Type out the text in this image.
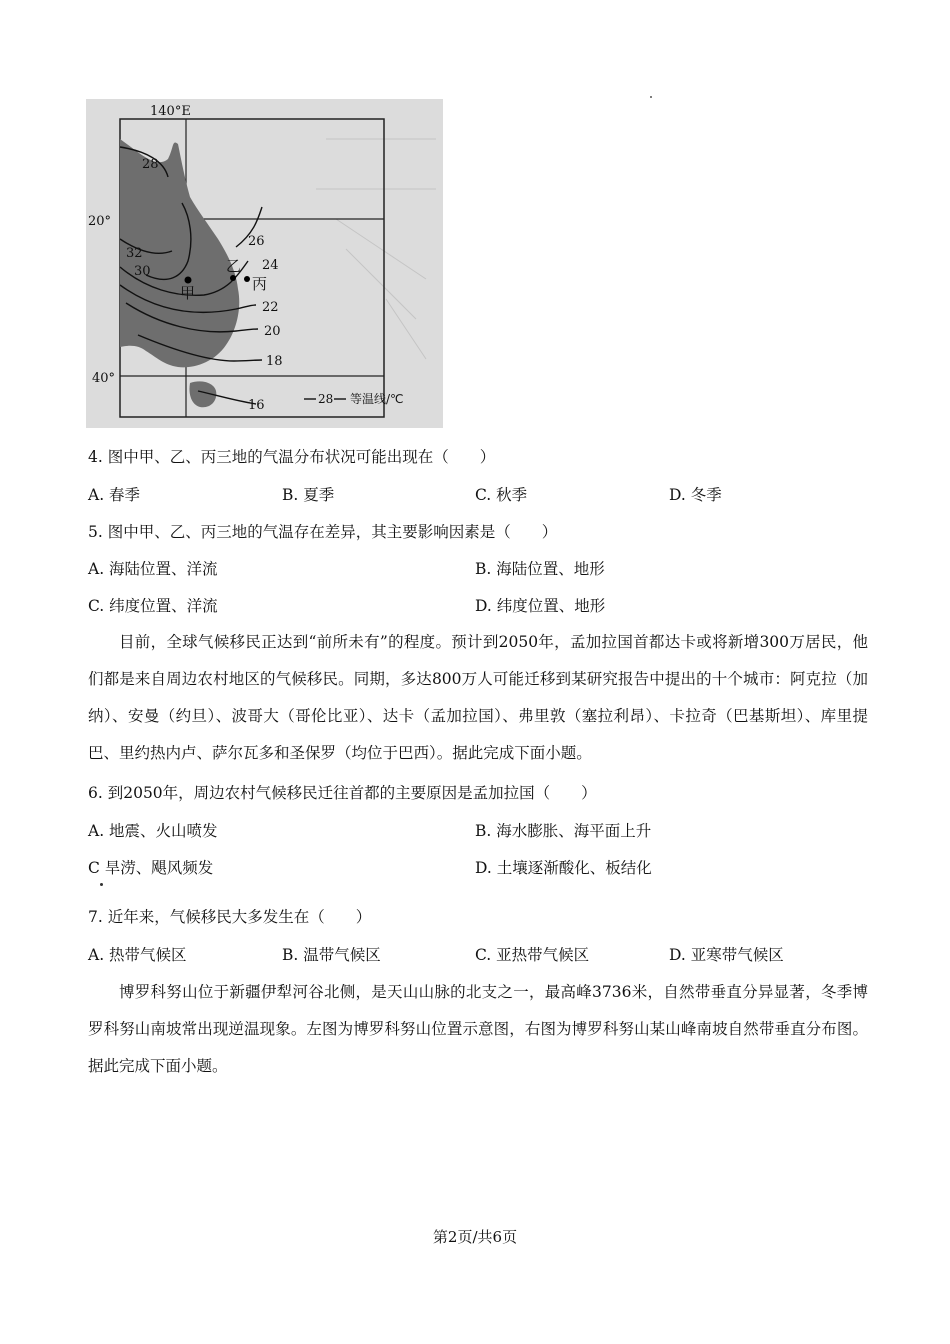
140°E
20°
40°
28
32
30
26
24
22
20
18
16
甲
乙
丙
28 等温线/℃
4. 图中甲、乙、丙三地的气温分布状况可能出现在（　　）
A. 春季	B. 夏季	C. 秋季	D. 冬季
5. 图中甲、乙、丙三地的气温存在差异，其主要影响因素是（　　）
A. 海陆位置、洋流	B. 海陆位置、地形
C. 纬度位置、洋流	D. 纬度位置、地形
目前，全球气候移民正达到“前所未有”的程度。预计到2050年，孟加拉国首都达卡或将新增300万居民，他们都是来自周边农村地区的气候移民。同期，多达800万人可能迁移到某研究报告中提出的十个城市：阿克拉（加纳）、安曼（约旦）、波哥大（哥伦比亚）、达卡（孟加拉国）、弗里敦（塞拉利昂）、卡拉奇（巴基斯坦）、库里提巴、里约热内卢、萨尔瓦多和圣保罗（均位于巴西）。据此完成下面小题。
6. 到2050年，周边农村气候移民迁往首都的主要原因是孟加拉国（　　）
A. 地震、火山喷发	B. 海水膨胀、海平面上升
C 旱涝、飓风频发	D. 土壤逐渐酸化、板结化
7. 近年来，气候移民大多发生在（　　）
A. 热带气候区	B. 温带气候区	C. 亚热带气候区	D. 亚寒带气候区
博罗科努山位于新疆伊犁河谷北侧，是天山山脉的北支之一，最高峰3736米，自然带垂直分异显著，冬季博罗科努山南坡常出现逆温现象。左图为博罗科努山位置示意图，右图为博罗科努山某山峰南坡自然带垂直分布图。据此完成下面小题。
第2页/共6页
